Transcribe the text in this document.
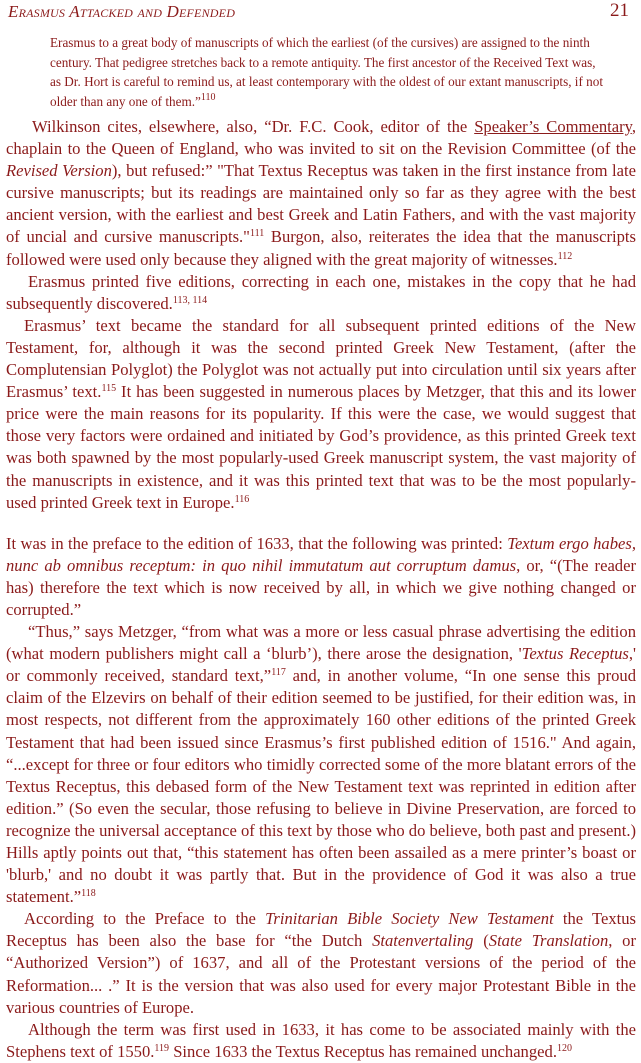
Erasmus Attacked and Defended	21

Erasmus to a great body of manuscripts of which the earliest (of the cursives) are assigned to the ninth century. That pedigree stretches back to a remote antiquity. The first ancestor of the Received Text was, as Dr. Hort is careful to remind us, at least contemporary with the oldest of our extant manuscripts, if not older than any one of them.”$^{110}$

Wilkinson cites, elsewhere, also, “Dr. F.C. Cook, editor of the Speaker’s Commentary, chaplain to the Queen of England, who was invited to sit on the Revision Committee (of the Revised Version), but refused:” "That Textus Receptus was taken in the first instance from late cursive manuscripts; but its readings are maintained only so far as they agree with the best ancient version, with the earliest and best Greek and Latin Fathers, and with the vast majority of uncial and cursive manuscripts."$^{111}$ Burgon, also, reiterates the idea that the manuscripts followed were used only because they aligned with the great majority of witnesses.$^{112}$

Erasmus printed five editions, correcting in each one, mistakes in the copy that he had subsequently discovered.$^{113, 114}$

Erasmus’ text became the standard for all subsequent printed editions of the New Testament, for, although it was the second printed Greek New Testament, (after the Complutensian Polyglot) the Polyglot was not actually put into circulation until six years after Erasmus’ text.$^{115}$ It has been suggested in numerous places by Metzger, that this and its lower price were the main reasons for its popularity. If this were the case, we would suggest that those very factors were ordained and initiated by God’s providence, as this printed Greek text was both spawned by the most popularly-used Greek manuscript system, the vast majority of the manuscripts in existence, and it was this printed text that was to be the most popularly-used printed Greek text in Europe.$^{116}$

It was in the preface to the edition of 1633, that the following was printed: Textum ergo habes, nunc ab omnibus receptum: in quo nihil immutatum aut corruptum damus, or, “(The reader has) therefore the text which is now received by all, in which we give nothing changed or corrupted.”

“Thus,” says Metzger, “from what was a more or less casual phrase advertising the edition (what modern publishers might call a ‘blurb’), there arose the designation, 'Textus Receptus,' or commonly received, standard text,”$^{117}$ and, in another volume, “In one sense this proud claim of the Elzevirs on behalf of their edition seemed to be justified, for their edition was, in most respects, not different from the approximately 160 other editions of the printed Greek Testament that had been issued since Erasmus’s first published edition of 1516." And again, “...except for three or four editors who timidly corrected some of the more blatant errors of the Textus Receptus, this debased form of the New Testament text was reprinted in edition after edition.” (So even the secular, those refusing to believe in Divine Preservation, are forced to recognize the universal acceptance of this text by those who do believe, both past and present.) Hills aptly points out that, “this statement has often been assailed as a mere printer’s boast or 'blurb,' and no doubt it was partly that. But in the providence of God it was also a true statement.”$^{118}$

According to the Preface to the Trinitarian Bible Society New Testament the Textus Receptus has been also the base for “the Dutch Statenvertaling (State Translation, or “Authorized Version”) of 1637, and all of the Protestant versions of the period of the Reformation... .” It is the version that was also used for every major Protestant Bible in the various countries of Europe.

Although the term was first used in 1633, it has come to be associated mainly with the Stephens text of 1550.$^{119}$ Since 1633 the Textus Receptus has remained unchanged.$^{120}$
